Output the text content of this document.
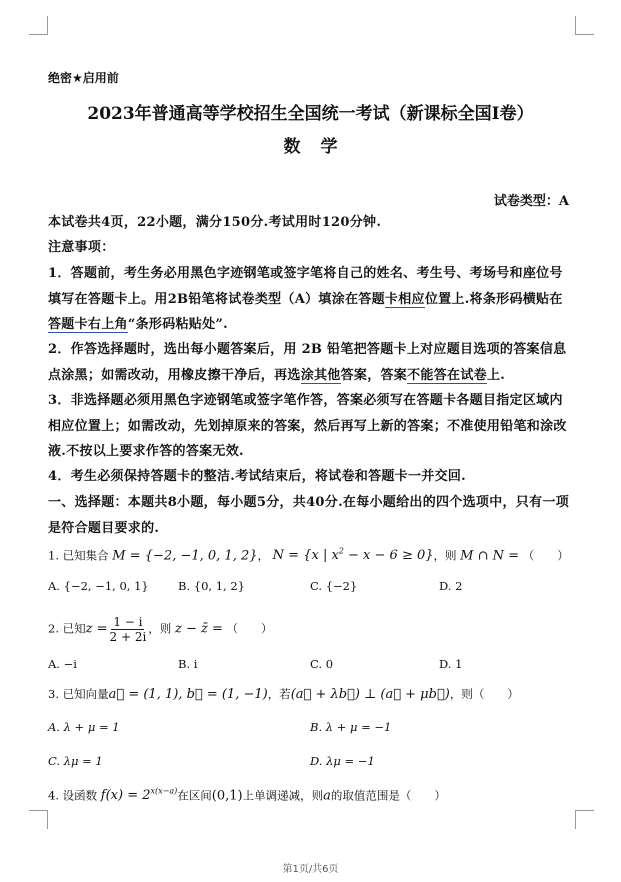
绝密★启用前
2023年普通高等学校招生全国统一考试（新课标全国I卷）
数学
试卷类型：A
本试卷共4页，22小题，满分150分.考试用时120分钟.
注意事项：
1．答题前，考生务必用黑色字迹钢笔或签字笔将自己的姓名、考生号、考场号和座位号填写在答题卡上。用2B铅笔将试卷类型（A）填涂在答题卡相应位置上.将条形码横贴在答题卡右上角“条形码粘贴处”.
2．作答选择题时，选出每小题答案后，用 2B 铅笔把答题卡上对应题目选项的答案信息点涂黑；如需改动，用橡皮擦干净后，再选涂其他答案，答案不能答在试卷上.
3．非选择题必须用黑色字迹钢笔或签字笔作答，答案必须写在答题卡各题目指定区域内相应位置上；如需改动，先划掉原来的答案，然后再写上新的答案；不准使用铅笔和涂改液.不按以上要求作答的答案无效.
4．考生必须保持答题卡的整洁.考试结束后，将试卷和答题卡一并交回.
一、选择题：本题共8小题，每小题5分，共40分.在每小题给出的四个选项中，只有一项是符合题目要求的.
1. 已知集合 M = {−2, −1, 0, 1, 2}， N = {x | $x^2 - x - 6 \ge 0$}，则 M ∩ N = （　　）
A. {−2, −1, 0, 1}	B. {0, 1, 2}	C. {−2}	D. 2
2. 已知$z = \frac{1 - i}{2 + 2i}$ ，则 z − z̄ = （　　）
A. −i	B. i	C. 0	D. 1
3. 已知向量a⃗ = (1, 1), b⃗ = (1, −1)，若(a⃗ + λb⃗) ⊥ (a⃗ + μb⃗)，则（　　）
A. λ + μ = 1	B. λ + μ = −1
C. λμ = 1	D. λμ = −1
4. 设函数 $f(x) = 2^{x(x-a)}$在区间(0,1)上单调递减，则a的取值范围是（　　）
第1页/共6页
